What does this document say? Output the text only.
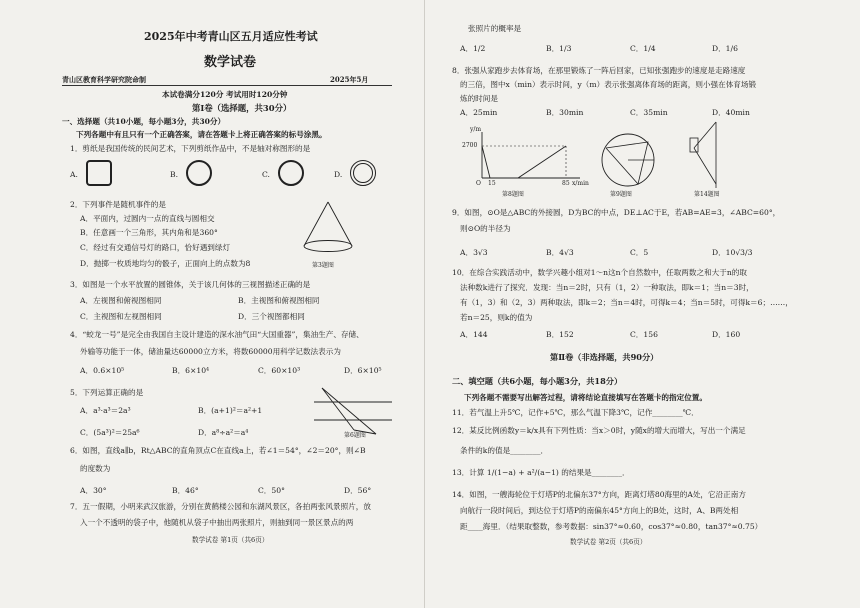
2025年中考青山区五月适应性考试
数学试卷
青山区教育科学研究院命制	2025年5月
本试卷满分120分 考试用时120分钟
第Ⅰ卷（选择题，共30分）
一、选择题（共10小题，每小题3分，共30分）
下列各题中有且只有一个正确答案，请在答题卡上将正确答案的标号涂黑。
1．剪纸是我国传统的民间艺术，下列剪纸作品中，不是轴对称图形的是
A.	B.	C.	D.
2．下列事件是随机事件的是
A．平面内，过圆内一点的直线与圆相交
B．任意画一个三角形，其内角和是360°
C．经过有交通信号灯的路口，恰好遇到绿灯
D．抛掷一枚质地均匀的骰子，正面向上的点数为8	第3题图
3．如图是一个水平放置的圆锥体，关于该几何体的三视图描述正确的是
A．左视图和俯视图相同	B．主视图和俯视图相同
C．主视图和左视图相同	D．三个视图都相同
4．“蛟龙一号”是完全由我国自主设计建造的深水油气田“大国重器”，集油生产、存储、
外输等功能于一体，储油量达60000立方米，将数60000用科学记数法表示为
A．0.6×10⁵	B．6×10⁴	C．60×10³	D．6×10⁵
5．下列运算正确的是
A．a³·a³＝2a³	B．(a+1)²＝a²+1
C．(5a³)²＝25a⁶	D．a⁸÷a²＝a⁴	第6题图
6．如图，直线a∥b，Rt△ABC的直角顶点C在直线a上，若∠1＝54°，∠2＝20°，则∠B
的度数为
A．30°	B．46°	C．50°	D．56°
7．五一假期，小明来武汉旅游，分别在黄鹤楼公园和东湖风景区，各拍两张风景照片，放
入一个不透明的袋子中，他随机从袋子中抽出两张照片，则抽到同一景区景点的两
数学试卷 第1页（共6页）
张照片的概率是
A．1/2	B．1/3	C．1/4	D．1/6
8．张强从家跑步去体育场，在那里锻炼了一阵后回家，已知张强跑步的速度是走路速度
的三倍，图中x（min）表示时间，y（m）表示张强离体育场的距离，则小强在体育场锻
炼的时间是
A．25min	B．30min	C．35min	D．40min
y/m
2700
O 15	85 x/min
第8题图	第9题图	第14题图
9．如图，⊙O是△ABC的外接圆，D为BC的中点，DE⊥AC于E，若AB=AE=3，∠ABC=60°，
则⊙O的半径为
A．3√3	B．4√3	C．5	D．10√3/3
10．在综合实践活动中，数学兴趣小组对1～n这n个自然数中，任取两数之和大于n的取
法种数k进行了探究．发现：当n＝2时，只有（1，2）一种取法，即k＝1；当n＝3时，
有（1，3）和（2，3）两种取法，即k＝2；当n＝4时，可得k＝4；当n＝5时，可得k＝6；……，
若n＝25，则k的值为
A．144	B．152	C．156	D．160
第Ⅱ卷（非选择题，共90分）
二、填空题（共6小题，每小题3分，共18分）
下列各题不需要写出解答过程，请将结论直接填写在答题卡的指定位置。
11．若气温上升5℃，记作+5℃，那么气温下降3℃，记作________℃．
12．某反比例函数y＝k/x具有下列性质：当x＞0时，y随x的增大而增大，写出一个满足
条件的k的值是________．
13．计算 1/(1−a) + a²/(a−1) 的结果是________．
14．如图，一艘海轮位于灯塔P的北偏东37°方向，距离灯塔80海里的A处，它沿正南方
向航行一段时间后，到达位于灯塔P的南偏东45°方向上的B处，这时，A、B两处相
距____海里．（结果取整数，参考数据：sin37°≈0.60，cos37°≈0.80，tan37°≈0.75）
数学试卷 第2页（共6页）
